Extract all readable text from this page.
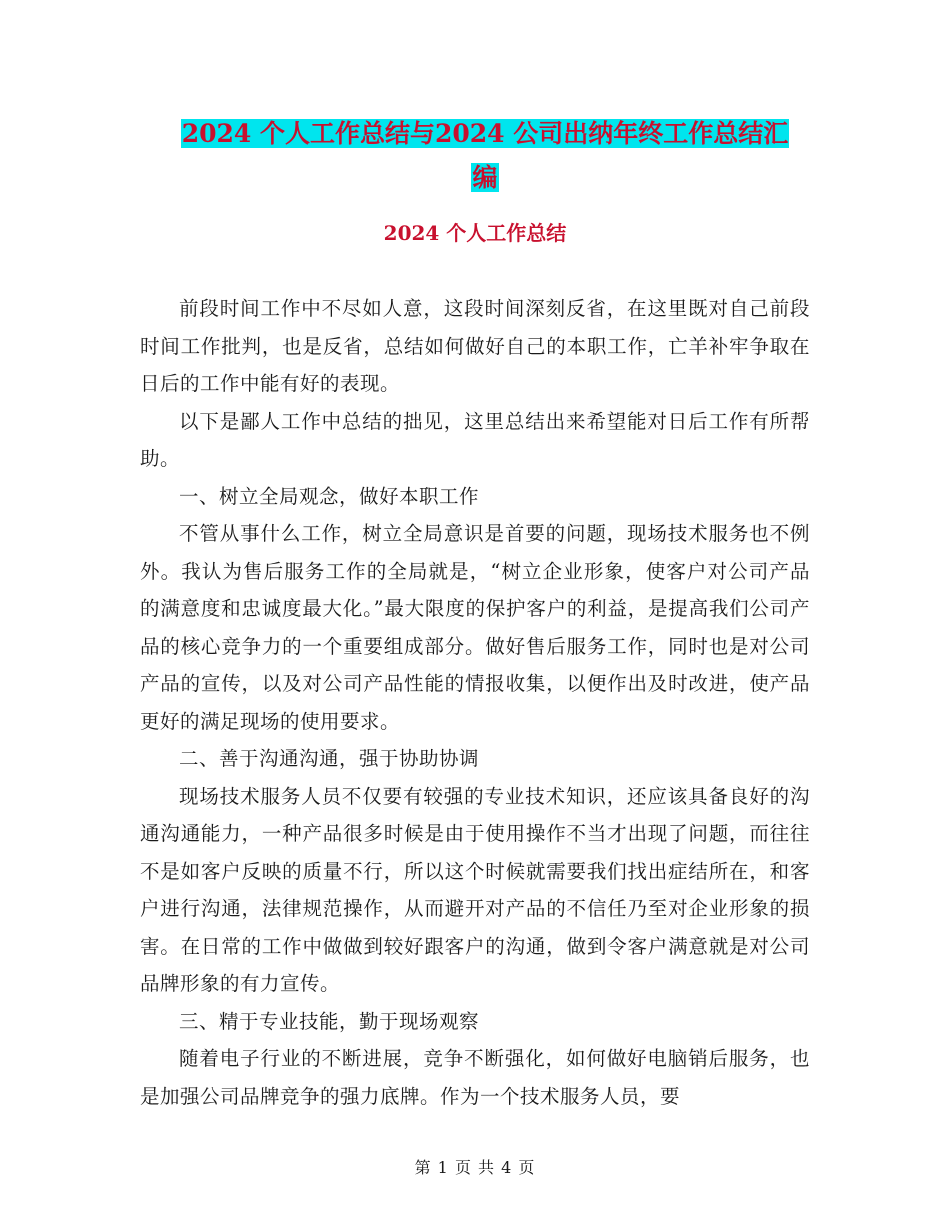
2024 个人工作总结与2024 公司出纳年终工作总结汇
编
2024 个人工作总结

前段时间工作中不尽如人意，这段时间深刻反省，在这里既对自己前段时间工作批判，也是反省，总结如何做好自己的本职工作，亡羊补牢争取在日后的工作中能有好的表现。

以下是鄙人工作中总结的拙见，这里总结出来希望能对日后工作有所帮助。

一、树立全局观念，做好本职工作

不管从事什么工作，树立全局意识是首要的问题，现场技术服务也不例外。我认为售后服务工作的全局就是，“树立企业形象，使客户对公司产品的满意度和忠诚度最大化。”最大限度的保护客户的利益，是提高我们公司产品的核心竞争力的一个重要组成部分。做好售后服务工作，同时也是对公司产品的宣传，以及对公司产品性能的情报收集，以便作出及时改进，使产品更好的满足现场的使用要求。

二、善于沟通沟通，强于协助协调

现场技术服务人员不仅要有较强的专业技术知识，还应该具备良好的沟通沟通能力，一种产品很多时候是由于使用操作不当才出现了问题，而往往不是如客户反映的质量不行，所以这个时候就需要我们找出症结所在，和客户进行沟通，法律规范操作，从而避开对产品的不信任乃至对企业形象的损害。在日常的工作中做做到较好跟客户的沟通，做到令客户满意就是对公司品牌形象的有力宣传。

三、精于专业技能，勤于现场观察

随着电子行业的不断进展，竞争不断强化，如何做好电脑销后服务，也是加强公司品牌竞争的强力底牌。作为一个技术服务人员，要

第 1 页 共 4 页
